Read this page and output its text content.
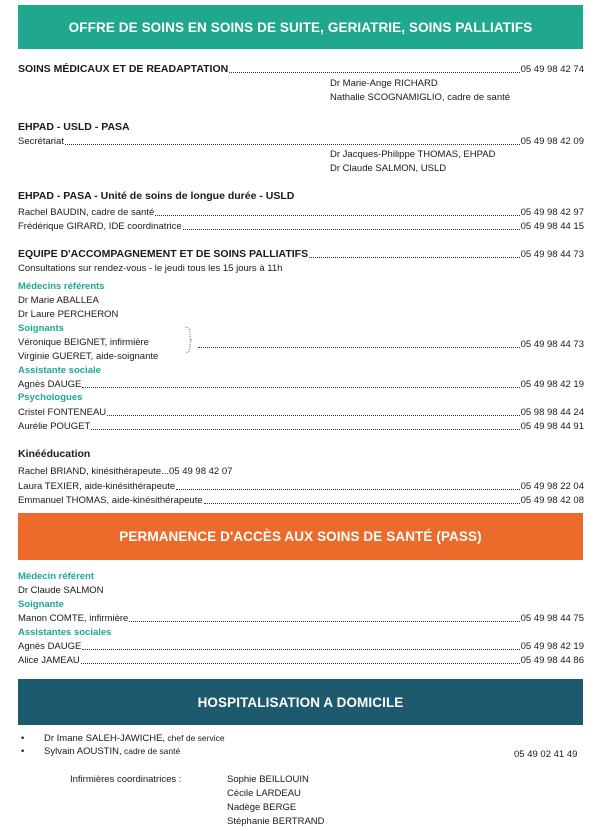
OFFRE DE SOINS EN SOINS DE SUITE, GERIATRIE, SOINS PALLIATIFS
SOINS MÉDICAUX ET DE READAPTATION	05 49 98 42 74
Dr Marie-Ange RICHARD
Nathalie SCOGNAMIGLIO, cadre de santé
EHPAD - USLD - PASA
Secrétariat	05 49 98 42 09
Dr Jacques-Philippe THOMAS, EHPAD
Dr Claude SALMON, USLD
EHPAD - PASA - Unité de soins de longue durée - USLD
Rachel BAUDIN, cadre de santé	05 49 98 42 97
Frédérique GIRARD, IDE coordinatrice	05 49 98 44 15
EQUIPE D'ACCOMPAGNEMENT ET DE SOINS PALLIATIFS	05 49 98 44 73
Consultations sur rendez-vous - le jeudi tous les 15 jours à 11h
Médecins référents
Dr Marie ABALLEA
Dr Laure PERCHERON
Soignants
Véronique BEIGNET, infirmière
Virginie GUERET, aide-soignante
05 49 98 44 73
Assistante sociale
Agnès DAUGE	05 49 98 42 19
Psychologues
Cristel FONTENEAU	05 98 98 44 24
Aurélie POUGET	05 49 98 44 91
Kinééducation
Rachel BRIAND, kinésithérapeute...05 49 98 42 07
Laura TEXIER, aide-kinésithérapeute	05 49 98 22 04
Emmanuel THOMAS, aide-kinésithérapeute	05 49 98 42 08
PERMANENCE D'ACCÈS AUX SOINS DE SANTÉ (PASS)
Médecin référent
Dr Claude SALMON
Soignante
Manon COMTE, infirmière	05 49 98 44 75
Assistantes sociales
Agnès DAUGE	05 49 98 42 19
Alice JAMEAU	05 49 98 44 86
HOSPITALISATION A DOMICILE
• Dr Imane SALEH-JAWICHE, chef de service
• Sylvain AOUSTIN, cadre de santé	05 49 02 41 49
Infirmières coordinatrices :	Sophie BEILLOUIN
Cécile LARDEAU
Nadège BERGE
Stéphanie BERTRAND
